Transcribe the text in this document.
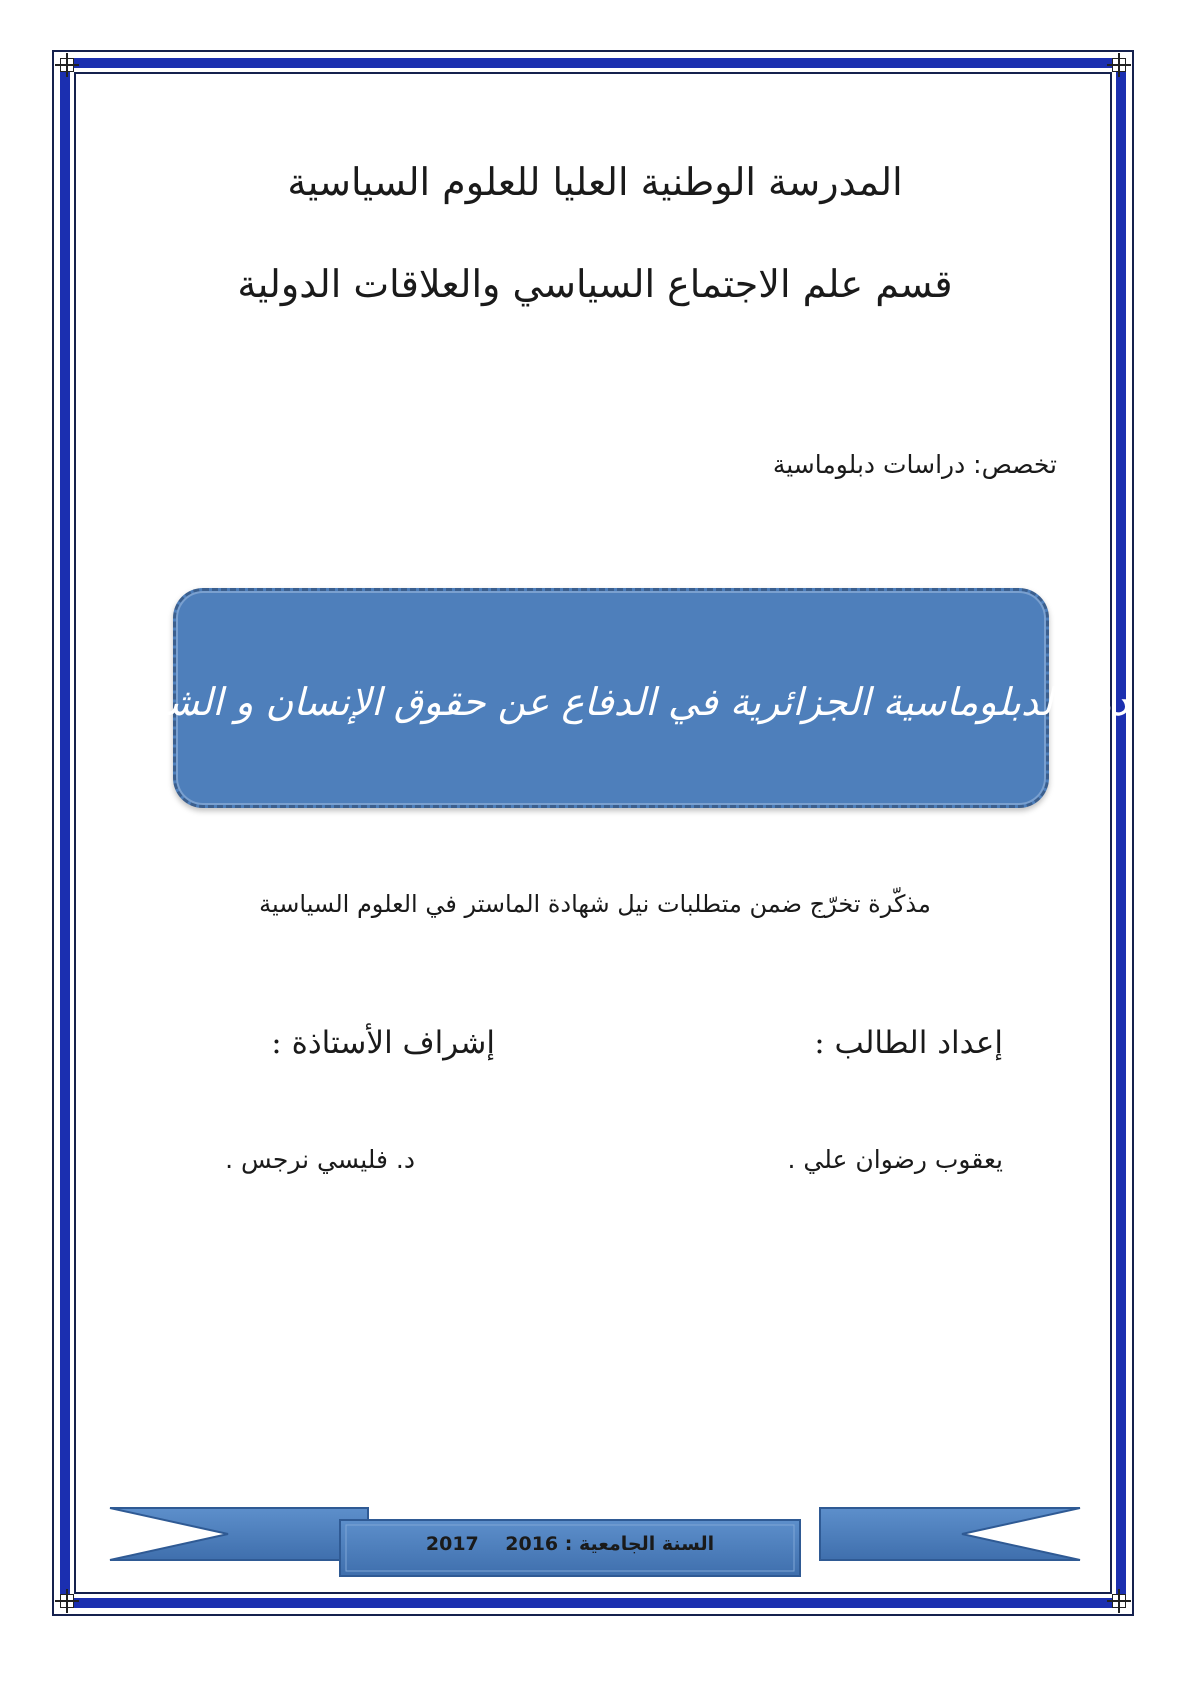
المدرسة الوطنية العليا للعلوم السياسية
قسم علم الاجتماع السياسي والعلاقات الدولية
تخصص: دراسات دبلوماسية
دور الدبلوماسية الجزائرية في الدفاع عن حقوق الإنسان و الشعوب
مذكّرة تخرّج ضمن متطلبات نيل شهادة الماستر في العلوم السياسية
إعداد الطالب :
إشراف الأستاذة :
يعقوب رضوان علي .
د. فليسي نرجس .
السنة الجامعية : 2016    2017
